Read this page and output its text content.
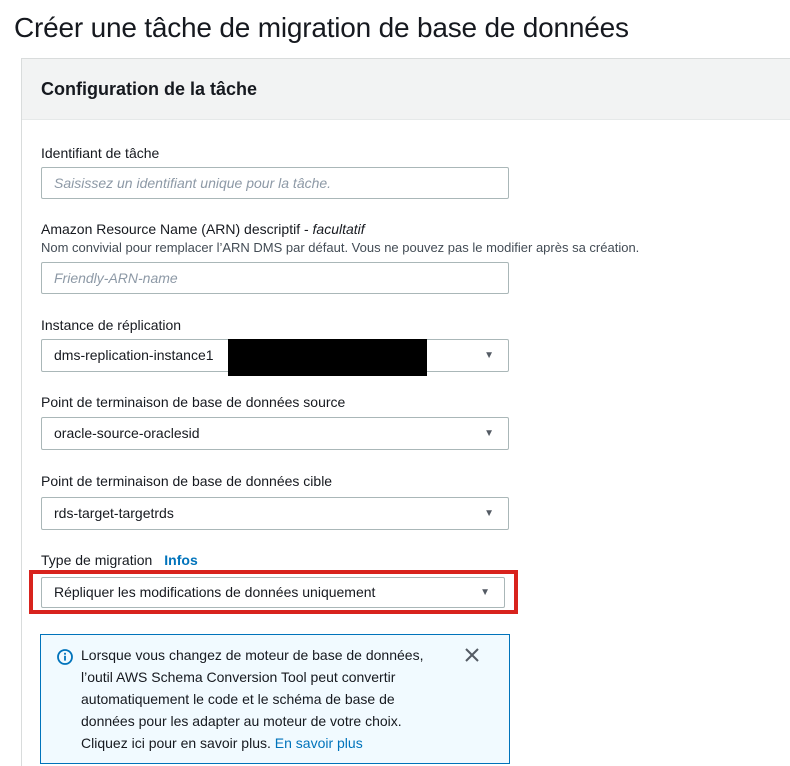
Créer une tâche de migration de base de données
Configuration de la tâche
Identifiant de tâche
Saisissez un identifiant unique pour la tâche.
Amazon Resource Name (ARN) descriptif - facultatif
Nom convivial pour remplacer l’ARN DMS par défaut. Vous ne pouvez pas le modifier après sa création.
Friendly-ARN-name
Instance de réplication
dms-replication-instance1	▼
Point de terminaison de base de données source
oracle-source-oraclesid	▼
Point de terminaison de base de données cible
rds-target-targetrds	▼
Type de migration Infos
Répliquer les modifications de données uniquement	▼
Lorsque vous changez de moteur de base de données, l’outil AWS Schema Conversion Tool peut convertir automatiquement le code et le schéma de base de données pour les adapter au moteur de votre choix. Cliquez ici pour en savoir plus. En savoir plus
